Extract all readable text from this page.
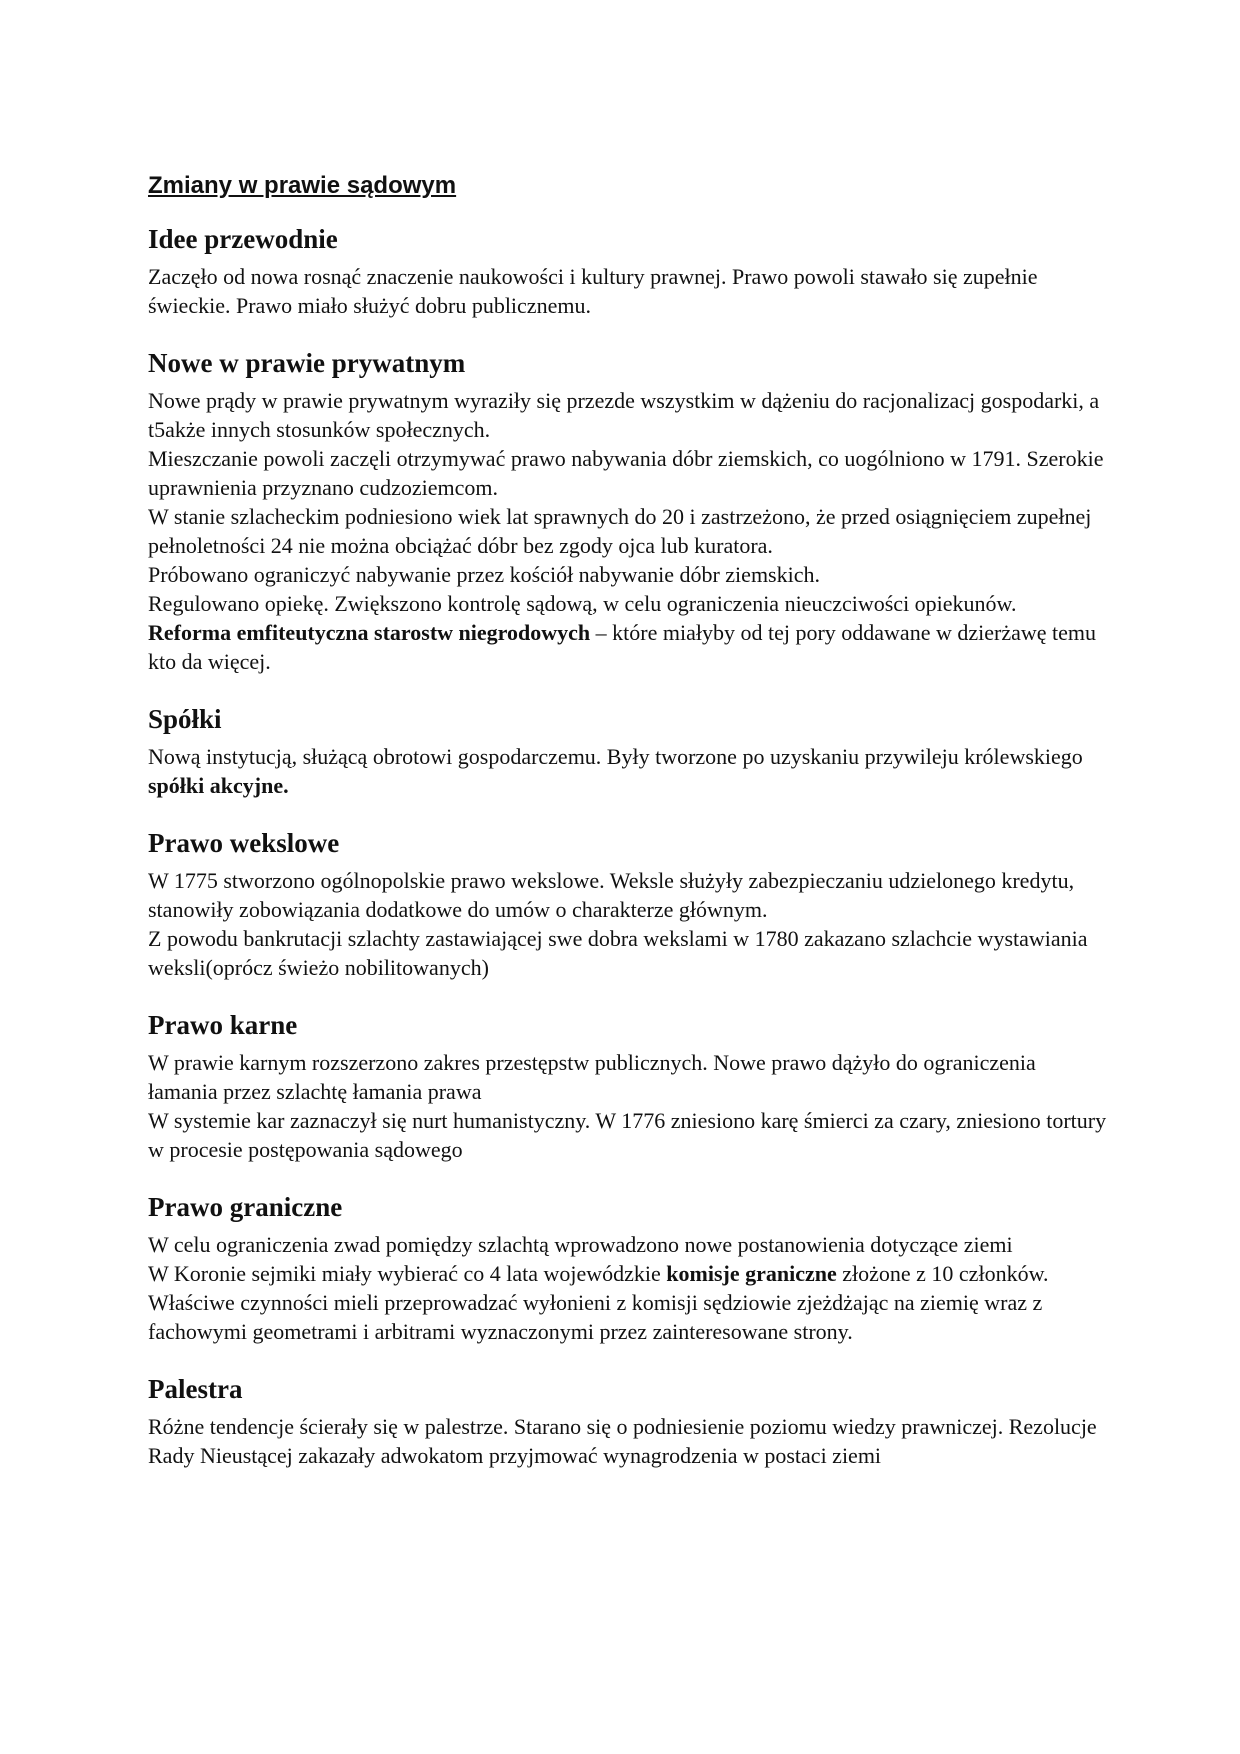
Zmiany w prawie sądowym
Idee przewodnie

Zaczęło od nowa rosnąć znaczenie naukowości i kultury prawnej. Prawo powoli stawało się zupełnie świeckie. Prawo miało służyć dobru publicznemu.

Nowe w prawie prywatnym

Nowe prądy w prawie prywatnym wyraziły się przezde wszystkim w dążeniu do racjonalizacj gospodarki, a t5akże innych stosunków społecznych.

Mieszczanie powoli zaczęli otrzymywać prawo nabywania dóbr ziemskich, co uogólniono w 1791. Szerokie uprawnienia przyznano cudzoziemcom.

W stanie szlacheckim podniesiono wiek lat sprawnych do 20 i zastrzeżono, że przed osiągnięciem zupełnej pełnoletności 24 nie można obciążać dóbr bez zgody ojca lub kuratora.

Próbowano ograniczyć nabywanie przez kościół nabywanie dóbr ziemskich.

Regulowano opiekę. Zwiększono kontrolę sądową, w celu ograniczenia nieuczciwości opiekunów.

Reforma emfiteutyczna starostw niegrodowych – które miałyby od tej pory oddawane w dzierżawę temu kto da więcej.

Spółki

Nową instytucją, służącą obrotowi gospodarczemu. Były tworzone po uzyskaniu przywileju królewskiego spółki akcyjne.

Prawo wekslowe

W 1775 stworzono ogólnopolskie prawo wekslowe. Weksle służyły zabezpieczaniu udzielonego kredytu, stanowiły zobowiązania dodatkowe do umów o charakterze głównym.

Z powodu bankrutacji szlachty zastawiającej swe dobra wekslami w 1780 zakazano szlachcie wystawiania weksli(oprócz świeżo nobilitowanych)

Prawo karne

W prawie karnym rozszerzono zakres przestępstw publicznych. Nowe prawo dążyło do ograniczenia łamania przez szlachtę łamania prawa

W systemie kar zaznaczył się nurt humanistyczny. W 1776 zniesiono karę śmierci za czary, zniesiono tortury w procesie postępowania sądowego

Prawo graniczne

W celu ograniczenia zwad pomiędzy szlachtą wprowadzono nowe postanowienia dotyczące ziemi

W Koronie sejmiki miały wybierać co 4 lata wojewódzkie komisje graniczne złożone z 10 członków. Właściwe czynności mieli przeprowadzać wyłonieni z komisji sędziowie zjeżdżając na ziemię wraz z fachowymi geometrami i arbitrami wyznaczonymi przez zainteresowane strony.

Palestra

Różne tendencje ścierały się w palestrze. Starano się o podniesienie poziomu wiedzy prawniczej. Rezolucje Rady Nieustącej zakazały adwokatom przyjmować wynagrodzenia w postaci ziemi
